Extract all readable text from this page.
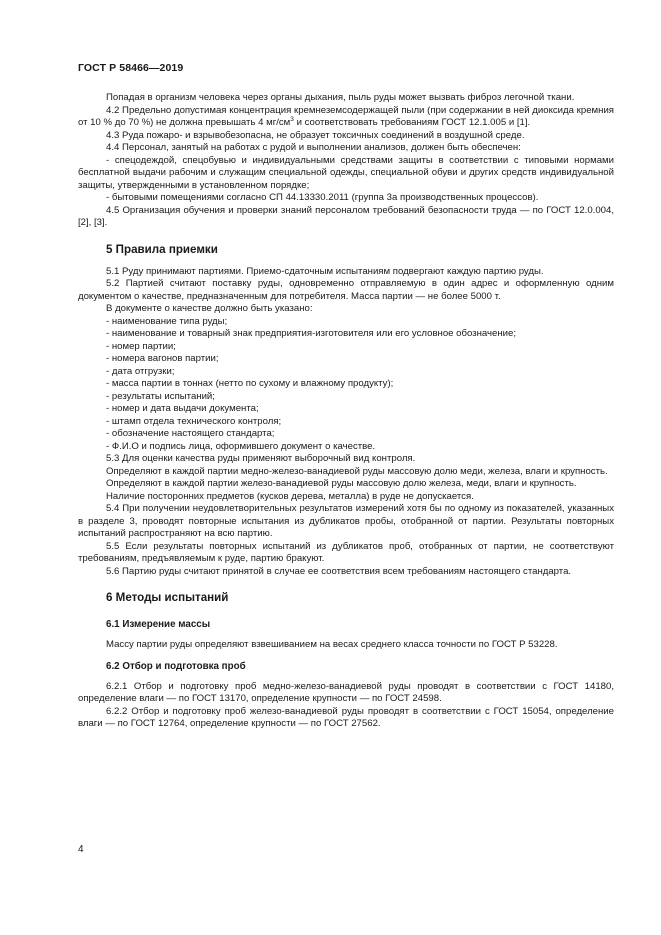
ГОСТ Р 58466—2019

Попадая в организм человека через органы дыхания, пыль руды может вызвать фиброз легочной ткани.

4.2 Предельно допустимая концентрация кремнеземсодержащей пыли (при содержании в ней диоксида кремния от 10 % до 70 %) не должна превышать 4 $мг/см^3$ и соответствовать требованиям ГОСТ 12.1.005 и [1].

4.3 Руда пожаро- и взрывобезопасна, не образует токсичных соединений в воздушной среде.

4.4 Персонал, занятый на работах с рудой и выполнении анализов, должен быть обеспечен:

- спецодеждой, спецобувью и индивидуальными средствами защиты в соответствии с типовыми нормами бесплатной выдачи рабочим и служащим специальной одежды, специальной обуви и других средств индивидуальной защиты, утвержденными в установленном порядке;

- бытовыми помещениями согласно СП 44.13330.2011 (группа 3а производственных процессов).

4.5 Организация обучения и проверки знаний персоналом требований безопасности труда — по ГОСТ 12.0.004, [2], [3].

5 Правила приемки

5.1 Руду принимают партиями. Приемо-сдаточным испытаниям подвергают каждую партию руды.

5.2 Партией считают поставку руды, одновременно отправляемую в один адрес и оформленную одним документом о качестве, предназначенным для потребителя. Масса партии — не более 5000 т.

В документе о качестве должно быть указано:

- наименование типа руды;

- наименование и товарный знак предприятия-изготовителя или его условное обозначение;

- номер партии;

- номера вагонов партии;

- дата отгрузки;

- масса партии в тоннах (нетто по сухому и влажному продукту);

- результаты испытаний;

- номер и дата выдачи документа;

- штамп отдела технического контроля;

- обозначение настоящего стандарта;

- Ф.И.О и подпись лица, оформившего документ о качестве.

5.3 Для оценки качества руды применяют выборочный вид контроля.

Определяют в каждой партии медно-железо-ванадиевой руды массовую долю меди, железа, влаги и крупность.

Определяют в каждой партии железо-ванадиевой руды массовую долю железа, меди, влаги и крупность.

Наличие посторонних предметов (кусков дерева, металла) в руде не допускается.

5.4 При получении неудовлетворительных результатов измерений хотя бы по одному из показателей, указанных в разделе 3, проводят повторные испытания из дубликатов пробы, отобранной от партии. Результаты повторных испытаний распространяют на всю партию.

5.5 Если результаты повторных испытаний из дубликатов проб, отобранных от партии, не соответствуют требованиям, предъявляемым к руде, партию бракуют.

5.6 Партию руды считают принятой в случае ее соответствия всем требованиям настоящего стандарта.

6 Методы испытаний
6.1 Измерение массы

Массу партии руды определяют взвешиванием на весах среднего класса точности по ГОСТ Р 53228.

6.2 Отбор и подготовка проб

6.2.1 Отбор и подготовку проб медно-железо-ванадиевой руды проводят в соответствии с ГОСТ 14180, определение влаги — по ГОСТ 13170, определение крупности — по ГОСТ 24598.

6.2.2 Отбор и подготовку проб железо-ванадиевой руды проводят в соответствии с ГОСТ 15054, определение влаги — по ГОСТ 12764, определение крупности — по ГОСТ 27562.

4
